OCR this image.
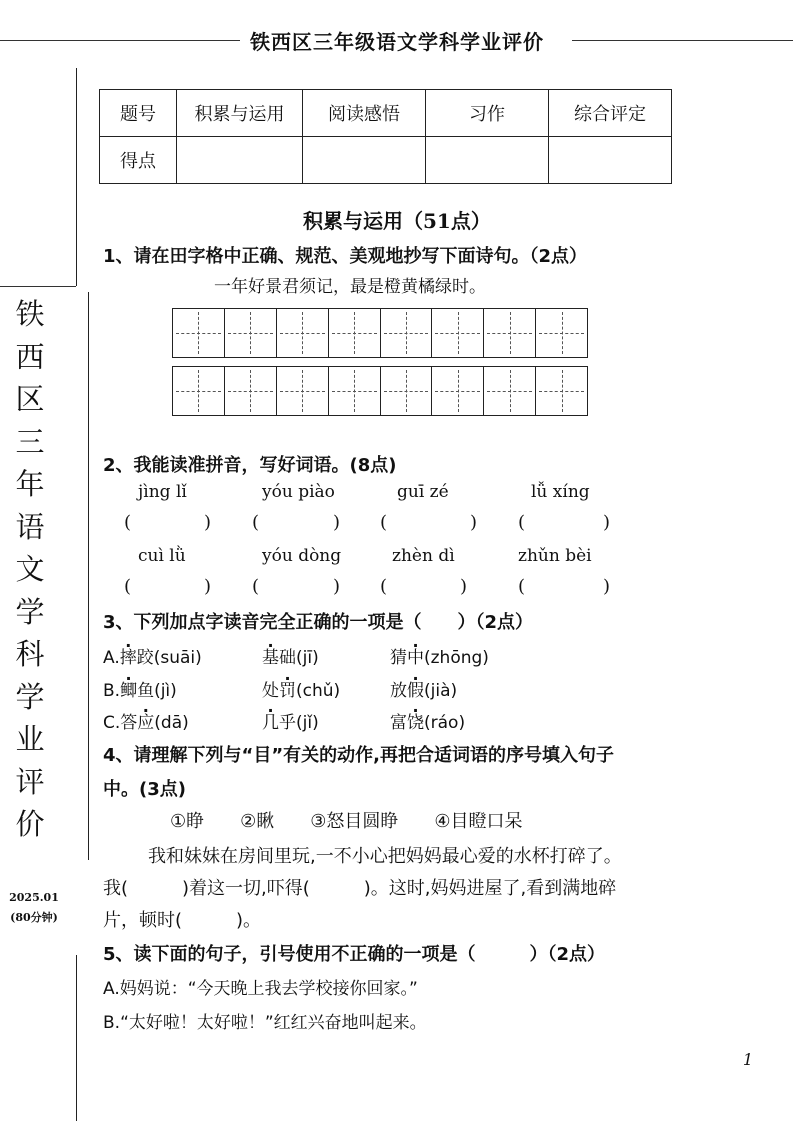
铁西区三年级语文学科学业评价
题号	积累与运用	阅读感悟	习作	综合评定
得点				
铁
西
区
三
年
语
文
学
科
学
业
评
价
2025.01
(80分钟)
积累与运用（51点）
1、请在田字格中正确、规范、美观地抄写下面诗句。（2点）
一年好景君须记，最是橙黄橘绿时。
2、我能读准拼音，写好词语。(8点)
jìng lǐ	yóu piào	guī zé	lǚ xíng
(	) (	) (	) (	)
cuì lǜ	yóu dòng	zhèn dì	zhǔn bèi
(	) (	) (	)	(	)
3、下列加点字读音完全正确的一项是（　　）（2点）
A.摔跤(suāi)	基础(jī)	猜中(zhōng)
B.鲫鱼(jì)	处罚(chǔ)	放假(jià)
C.答应(dā)	几乎(jǐ)	富饶(ráo)
4、请理解下列与“目”有关的动作,再把合适词语的序号填入句子
中。(3点)
①睁　　②瞅　　③怒目圆睁　　④目瞪口呆
我和妹妹在房间里玩,一不小心把妈妈最心爱的水杯打碎了。
我(　　　)着这一切,吓得(　　　)。这时,妈妈进屋了,看到满地碎
片，顿时(　　　)。
5、读下面的句子，引号使用不正确的一项是（　　　）（2点）
A.妈妈说：“今天晚上我去学校接你回家。”
B.“太好啦！太好啦！”红红兴奋地叫起来。
1
